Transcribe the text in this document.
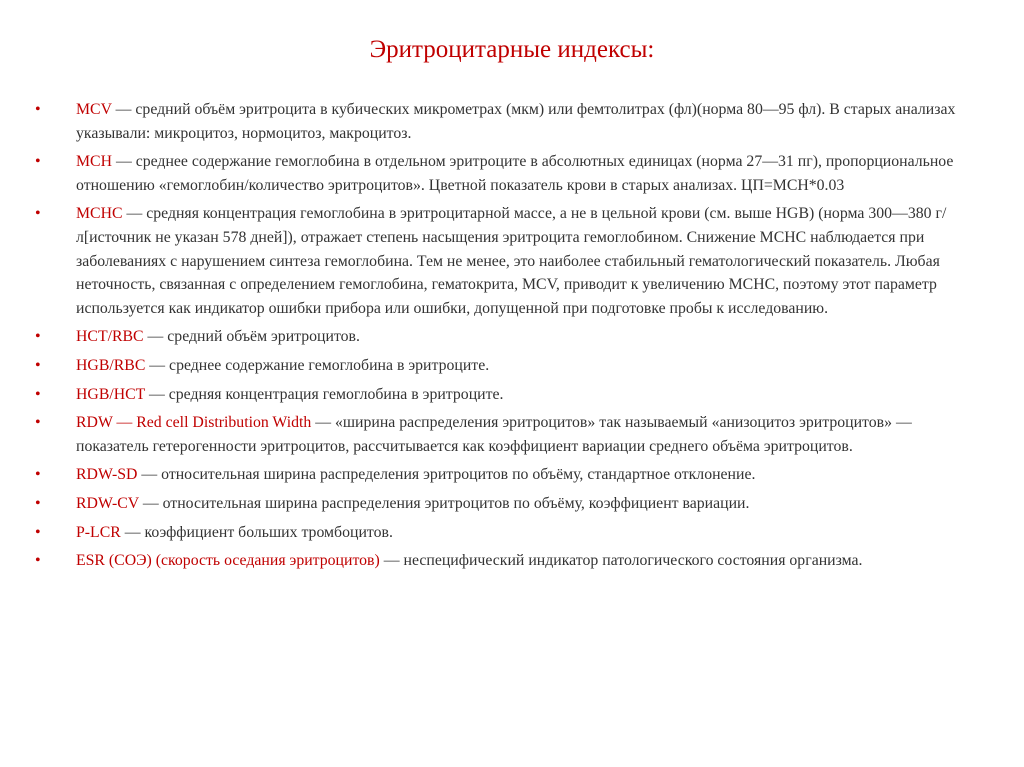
Эритроцитарные индексы:
• MCV — средний объём эритроцита в кубических микрометрах (мкм) или фемтолитрах (фл)(норма 80—95 фл). В старых анализах указывали: микроцитоз, нормоцитоз, макроцитоз.
• MCH — среднее содержание гемоглобина в отдельном эритроците в абсолютных единицах (норма 27—31 пг), пропорциональное отношению «гемоглобин/количество эритроцитов». Цветной показатель крови в старых анализах. ЦП=MCH*0.03
• MCHC — средняя концентрация гемоглобина в эритроцитарной массе, а не в цельной крови (см. выше HGB) (норма 300—380 г/л[источник не указан 578 дней]), отражает степень насыщения эритроцита гемоглобином. Снижение MCHC наблюдается при заболеваниях с нарушением синтеза гемоглобина. Тем не менее, это наиболее стабильный гематологический показатель. Любая неточность, связанная с определением гемоглобина, гематокрита, MCV, приводит к увеличению MCHC, поэтому этот параметр используется как индикатор ошибки прибора или ошибки, допущенной при подготовке пробы к исследованию.
• HCT/RBC — средний объём эритроцитов.
• HGB/RBC — среднее содержание гемоглобина в эритроците.
• HGB/HCT — средняя концентрация гемоглобина в эритроците.
• RDW — Red cell Distribution Width — «ширина распределения эритроцитов» так называемый «анизоцитоз эритроцитов» — показатель гетерогенности эритроцитов, рассчитывается как коэффициент вариации среднего объёма эритроцитов.
• RDW-SD — относительная ширина распределения эритроцитов по объёму, стандартное отклонение.
• RDW-CV — относительная ширина распределения эритроцитов по объёму, коэффициент вариации.
• P-LCR — коэффициент больших тромбоцитов.
• ESR (СОЭ) (скорость оседания эритроцитов) — неспецифический индикатор патологического состояния организма.
